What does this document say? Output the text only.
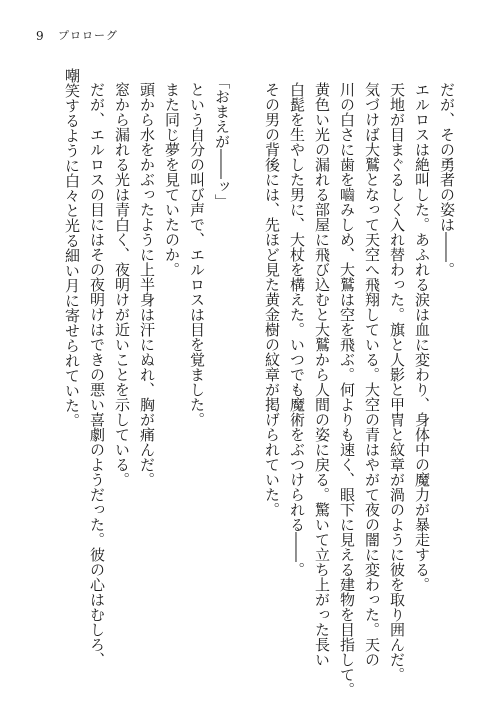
9 プロローグ
だが、その勇者の姿は――。
エルロスは絶叫した。あふれる涙は血に変わり、身体中の魔力が暴走する。
天地が目まぐるしく入れ替わった。旗と人影と甲冑と紋章が渦のように彼を取り囲んだ。
気づけば大鷲となって天空へ飛翔している。大空の青はやがて夜の闇に変わった。天の
川の白さに歯を嚙みしめ、大鷲は空を飛ぶ。何よりも速く、眼下に見える建物を目指して。
黄色い光の漏れる部屋に飛び込むと大鷲から人間の姿に戻る。驚いて立ち上がった長い
白髭を生やした男に、大杖を構えた。いつでも魔術をぶつけられる――。
その男の背後には、先ほど見た黄金樹の紋章が掲げられていた。
「おまえが――ッ」
という自分の叫び声で、エルロスは目を覚ました。
また同じ夢を見ていたのか。
頭から水をかぶったように上半身は汗にぬれ、胸が痛んだ。
窓から漏れる光は青白く、夜明けが近いことを示している。
だが、エルロスの目にはその夜明けはできの悪い喜劇のようだった。彼の心はむしろ、
嘲笑するように白々と光る細い月に寄せられていた。
